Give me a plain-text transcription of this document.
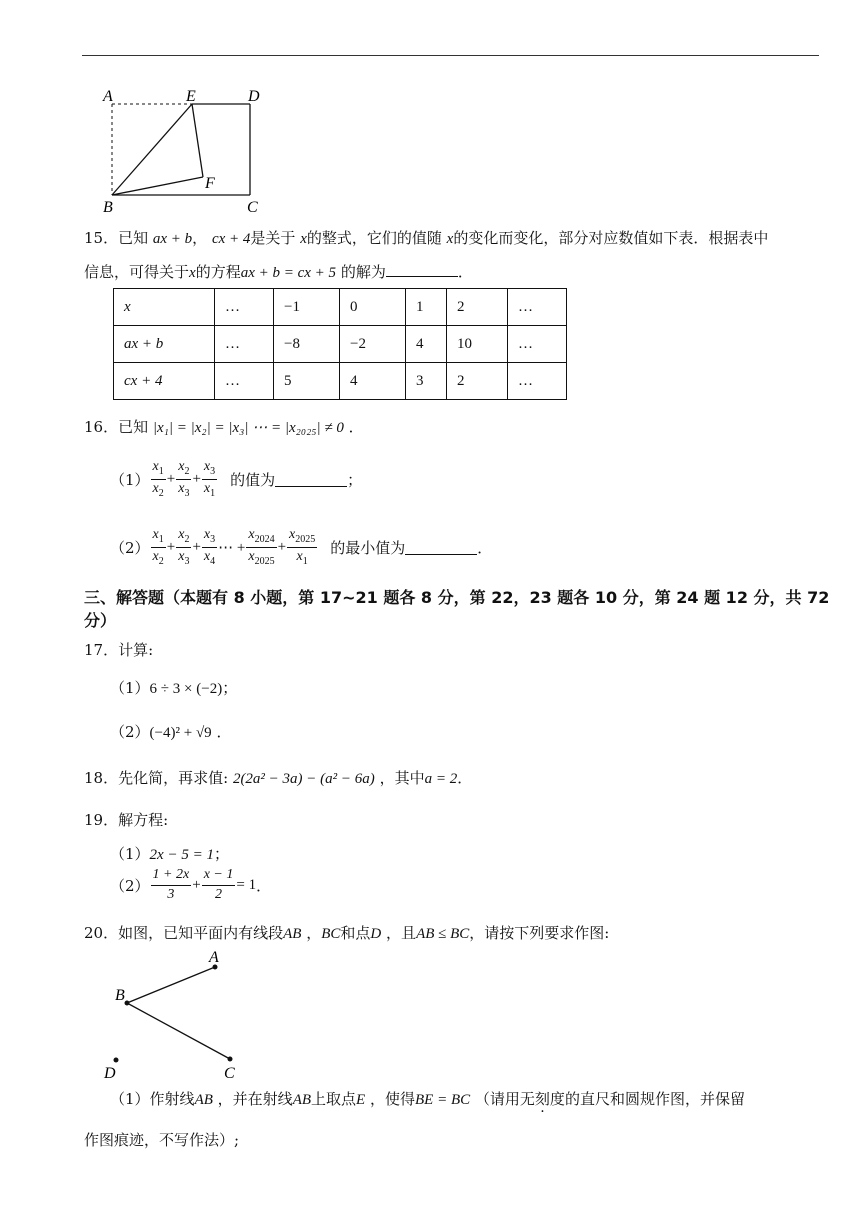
A	E	D
B	C
F
15．已知 ax + b， cx + 4是关于 x的整式，它们的值随 x的变化而变化，部分对应数值如下表．根据表中
信息，可得关于x的方程ax + b = cx + 5 的解为	．
x	…	−1	0	1	2	…
ax + b	…	−8	−2	4	10	…
cx + 4	…	5	4	3	2	…
16．已知 |x₁| = |x₂| = |x₃| ⋯ = |x₂₀₂₅| ≠ 0 ．
$(1) \frac{x_1}{x_2} + \frac{x_2}{x_3} + \frac{x_3}{x_1}$ 的值为	；
$(2) \frac{x_1}{x_2} + \frac{x_2}{x_3} + \frac{x_3}{x_4}$ ⋯ + $\frac{x_{2024}}{x_{2025}} + \frac{x_{2025}}{x_1}$ 的最小值为	．
三、解答题（本题有 8 小题，第 17~21 题各 8 分，第 22，23 题各 10 分，第 24 题 12 分，共 72
分）
17．计算:
（1）6 ÷ 3 × (−2)；
（2）(−4)² + √9 ．
18．先化简，再求值: 2(2a² − 3a) − (a² − 6a) ，其中a = 2．
19．解方程:
（1）2x − 5 = 1；
$(2) \frac{1 + 2x}{3} + \frac{x - 1}{2} = 1$ ．
20．如图，已知平面内有线段AB ，BC和点D ，且AB ≤ BC，请按下列要求作图:
A
B
C
D
（1）作射线AB ，并在射线AB上取点E ，使得BE = BC （请用无刻度的直尺和圆规作图，并保留
作图痕迹，不写作法）;
